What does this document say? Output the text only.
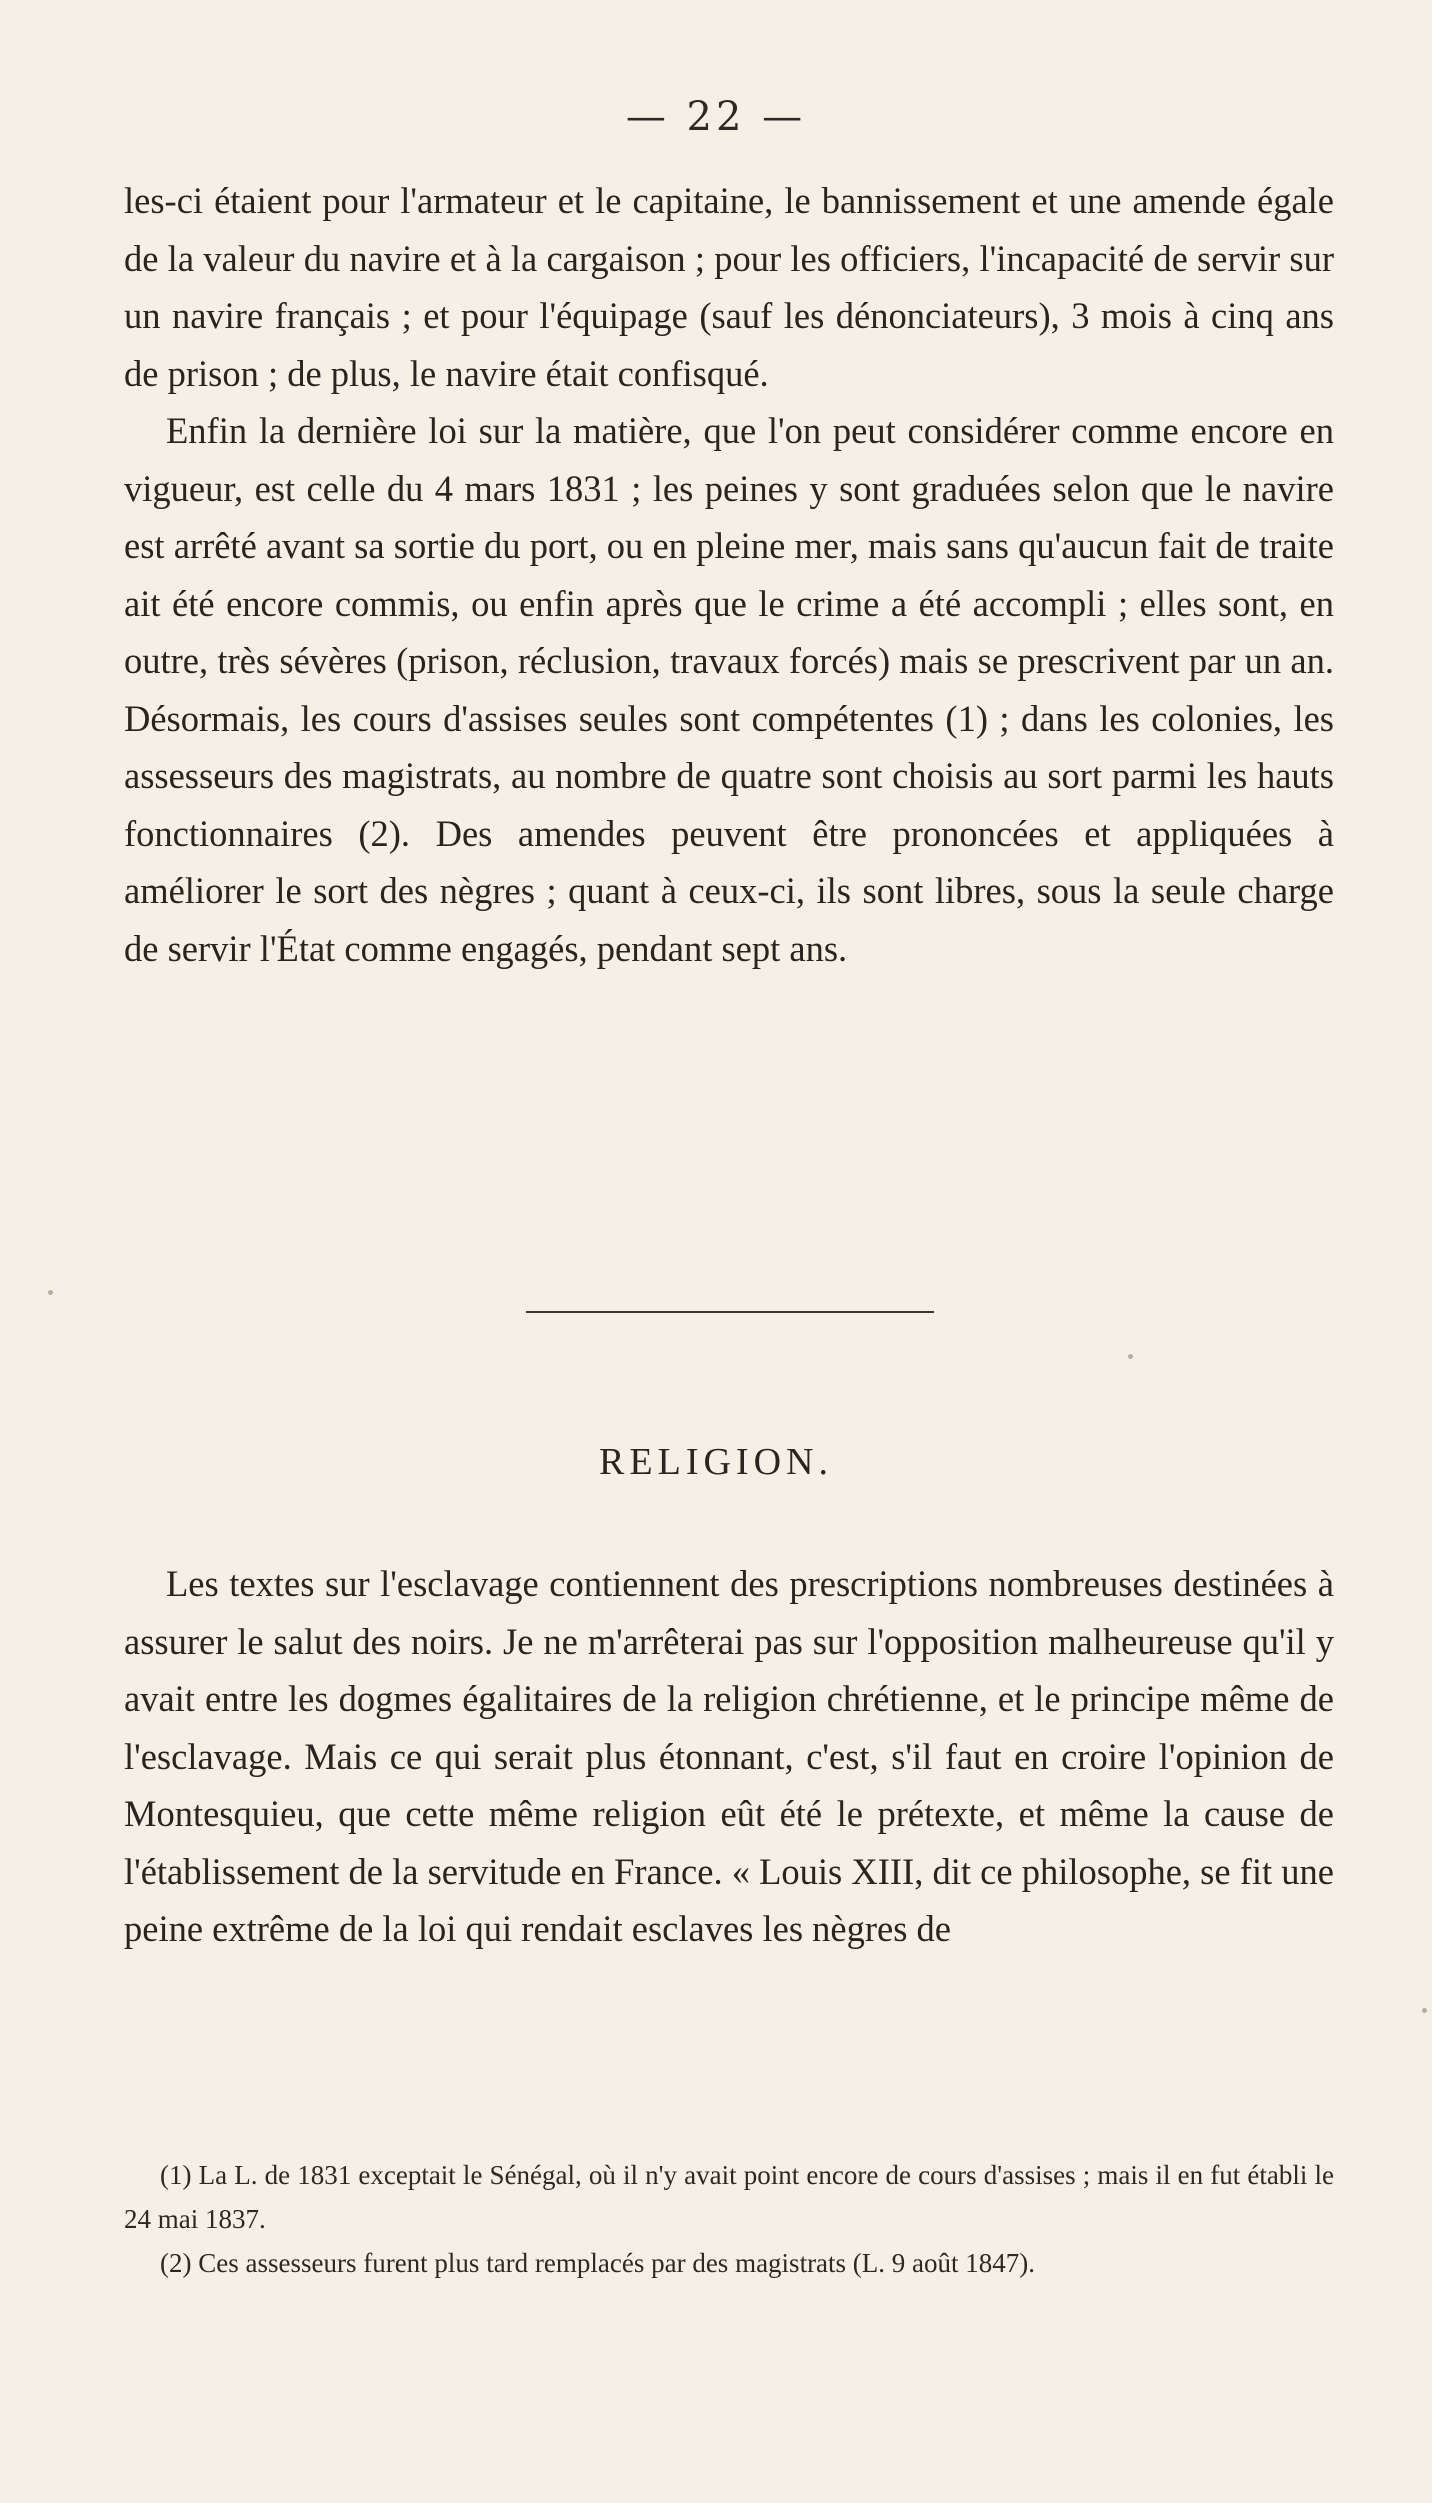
— 22 —

les-ci étaient pour l'armateur et le capitaine, le bannissement et une amende égale de la valeur du navire et à la cargaison ; pour les officiers, l'incapacité de servir sur un navire français ; et pour l'équipage (sauf les dénonciateurs), 3 mois à cinq ans de prison ; de plus, le navire était confisqué.

Enfin la dernière loi sur la matière, que l'on peut considérer comme encore en vigueur, est celle du 4 mars 1831 ; les peines y sont graduées selon que le navire est arrêté avant sa sortie du port, ou en pleine mer, mais sans qu'aucun fait de traite ait été encore commis, ou enfin après que le crime a été accompli ; elles sont, en outre, très sévères (prison, réclusion, travaux forcés) mais se prescrivent par un an. Désormais, les cours d'assises seules sont compétentes (1) ; dans les colonies, les assesseurs des magistrats, au nombre de quatre sont choisis au sort parmi les hauts fonctionnaires (2). Des amendes peuvent être prononcées et appliquées à améliorer le sort des nègres ; quant à ceux-ci, ils sont libres, sous la seule charge de servir l'État comme engagés, pendant sept ans.

RELIGION.

Les textes sur l'esclavage contiennent des prescriptions nombreuses destinées à assurer le salut des noirs. Je ne m'arrêterai pas sur l'opposition malheureuse qu'il y avait entre les dogmes égalitaires de la religion chrétienne, et le principe même de l'esclavage. Mais ce qui serait plus étonnant, c'est, s'il faut en croire l'opinion de Montesquieu, que cette même religion eût été le prétexte, et même la cause de l'établissement de la servitude en France. « Louis XIII, dit ce philosophe, se fit une peine extrême de la loi qui rendait esclaves les nègres de

(1) La L. de 1831 exceptait le Sénégal, où il n'y avait point encore de cours d'assises ; mais il en fut établi le 24 mai 1837.

(2) Ces assesseurs furent plus tard remplacés par des magistrats (L. 9 août 1847).
